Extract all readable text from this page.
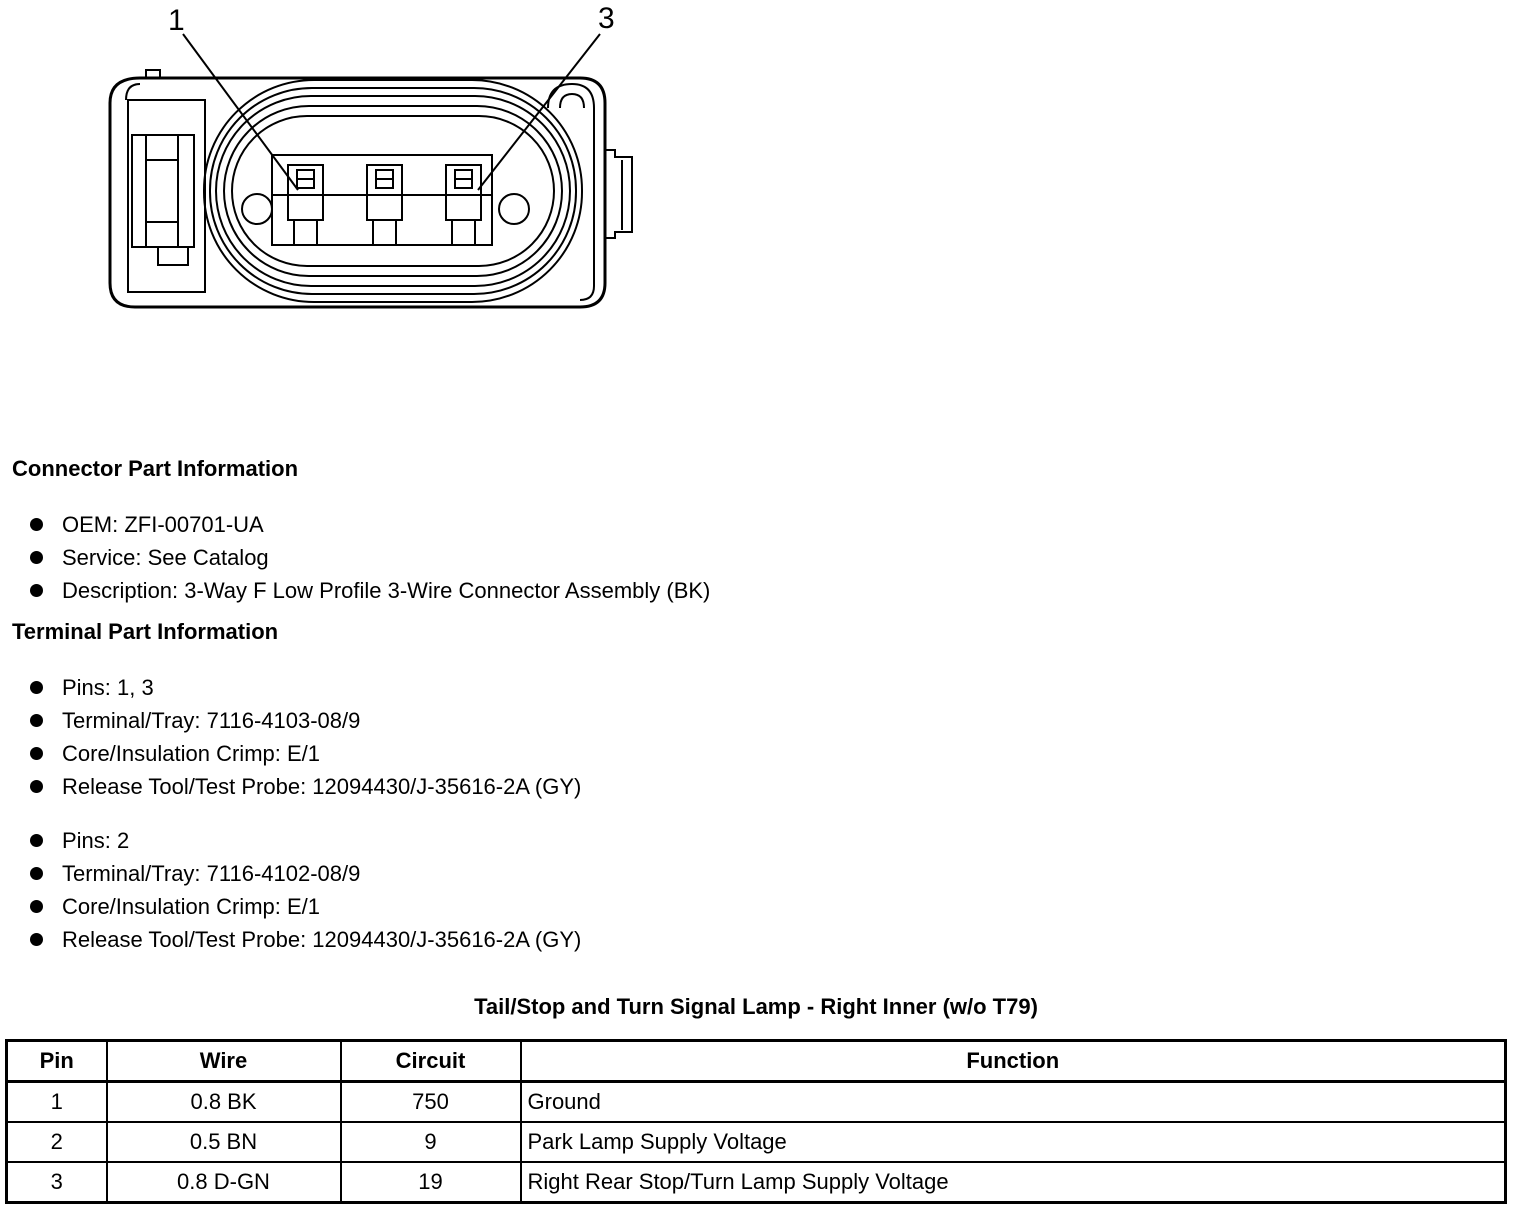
1	3
Connector Part Information
OEM: ZFI-00701-UA
Service: See Catalog
Description: 3-Way F Low Profile 3-Wire Connector Assembly (BK)
Terminal Part Information
Pins: 1, 3
Terminal/Tray: 7116-4103-08/9
Core/Insulation Crimp: E/1
Release Tool/Test Probe: 12094430/J-35616-2A (GY)
Pins: 2
Terminal/Tray: 7116-4102-08/9
Core/Insulation Crimp: E/1
Release Tool/Test Probe: 12094430/J-35616-2A (GY)
Tail/Stop and Turn Signal Lamp - Right Inner (w/o T79)
Pin	Wire	Circuit	Function
1	0.8 BK	750	Ground
2	0.5 BN	9	Park Lamp Supply Voltage
3	0.8 D-GN	19	Right Rear Stop/Turn Lamp Supply Voltage
